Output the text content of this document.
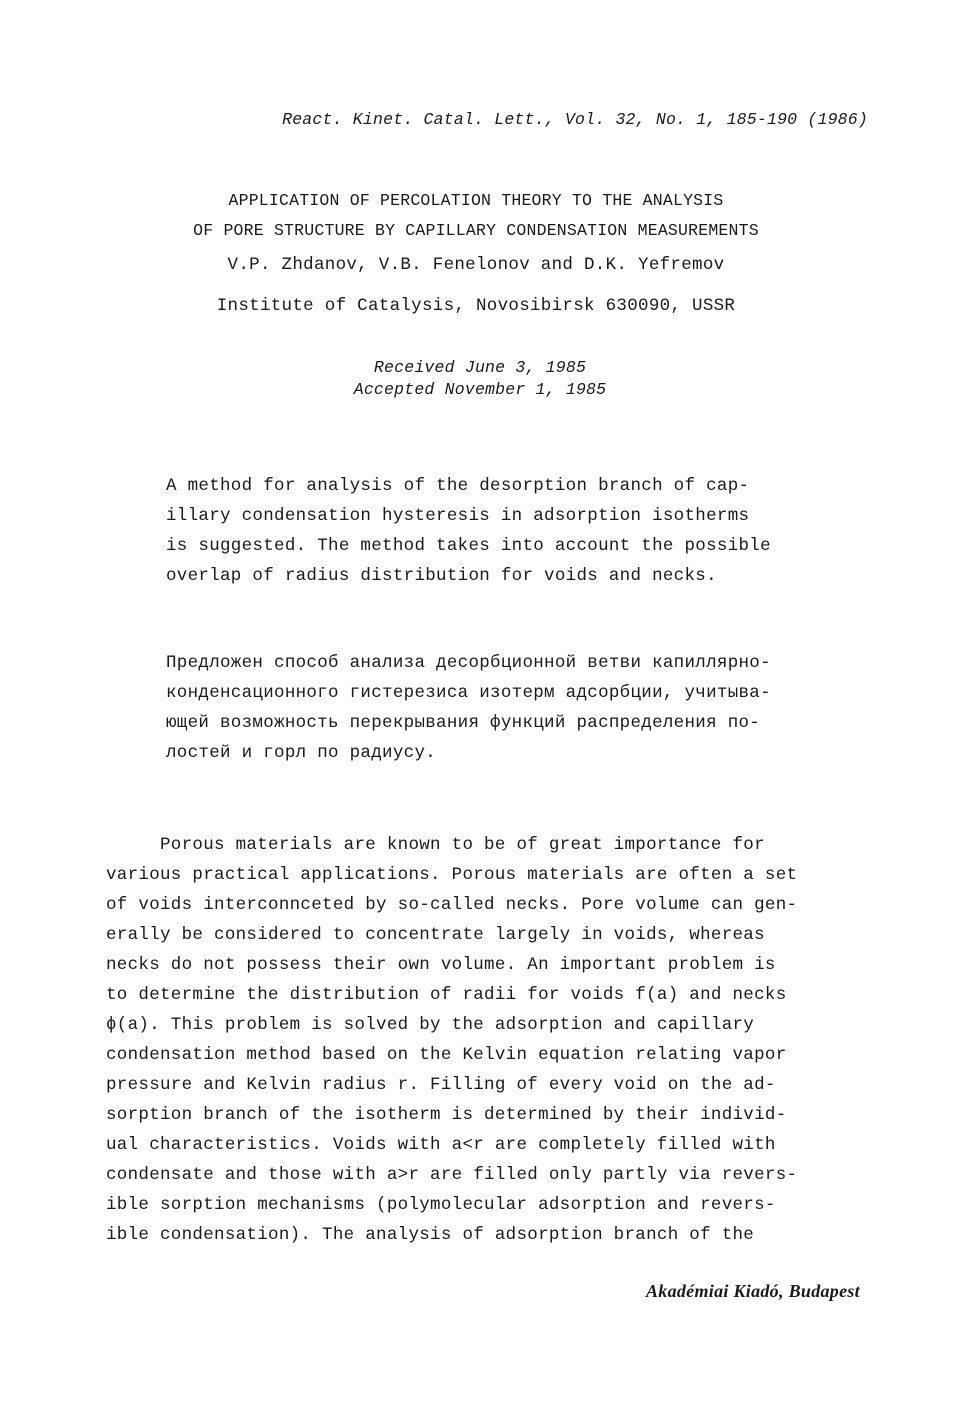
React. Kinet. Catal. Lett., Vol. 32, No. 1, 185-190 (1986)
APPLICATION OF PERCOLATION THEORY TO THE ANALYSIS
OF PORE STRUCTURE BY CAPILLARY CONDENSATION MEASUREMENTS
V.P. Zhdanov, V.B. Fenelonov and D.K. Yefremov
Institute of Catalysis, Novosibirsk 630090, USSR
Received June 3, 1985
Accepted November 1, 1985
A method for analysis of the desorption branch of cap-
illary condensation hysteresis in adsorption isotherms
is suggested. The method takes into account the possible
overlap of radius distribution for voids and necks.
Предложен способ анализа десорбционной ветви капиллярно-
конденсационного гистерезиса изотерм адсорбции, учитыва-
ющей возможность перекрывания функций распределения по-
лостей и горл по радиусу.
Porous materials are known to be of great importance for
various practical applications. Porous materials are often a set
of voids interconnceted by so-called necks. Pore volume can gen-
erally be considered to concentrate largely in voids, whereas
necks do not possess their own volume. An important problem is
to determine the distribution of radii for voids f(a) and necks
ϕ(a). This problem is solved by the adsorption and capillary
condensation method based on the Kelvin equation relating vapor
pressure and Kelvin radius r. Filling of every void on the ad-
sorption branch of the isotherm is determined by their individ-
ual characteristics. Voids with a<r are completely filled with
condensate and those with a>r are filled only partly via revers-
ible sorption mechanisms (polymolecular adsorption and revers-
ible condensation). The analysis of adsorption branch of the
Akadémiai Kiadó, Budapest
